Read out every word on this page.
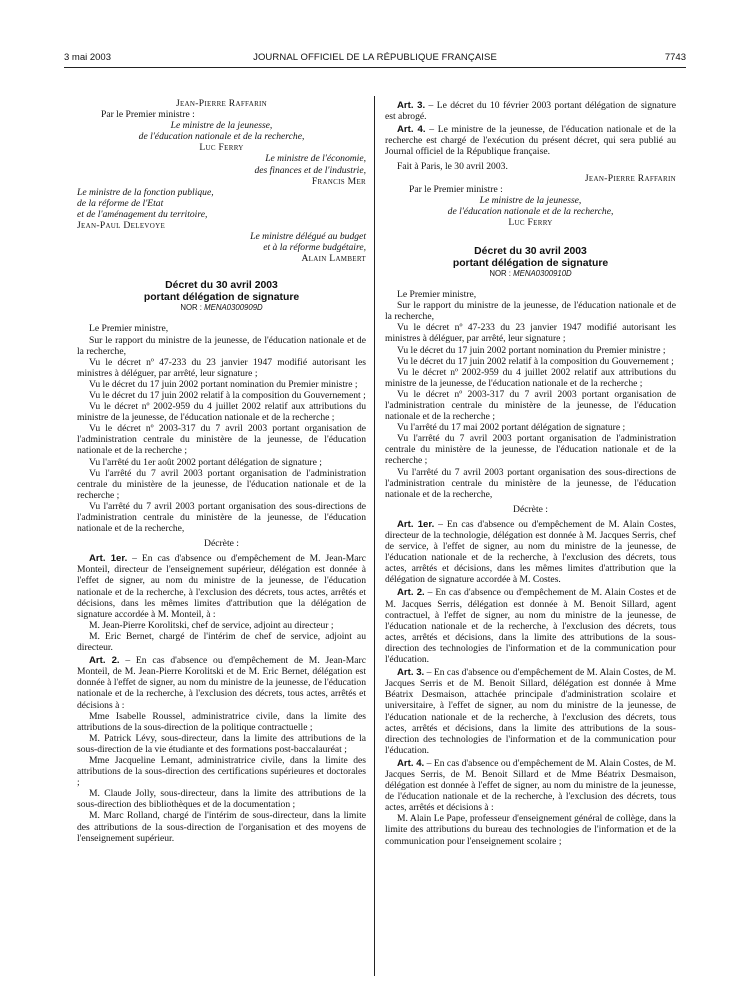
3 mai 2003	JOURNAL OFFICIEL DE LA RÉPUBLIQUE FRANÇAISE	7743
Jean-Pierre Raffarin
Par le Premier ministre :
Le ministre de la jeunesse,
de l'éducation nationale et de la recherche,
Luc Ferry
Le ministre de l'économie,
des finances et de l'industrie,
Francis Mer
Le ministre de la fonction publique,
de la réforme de l'Etat
et de l'aménagement du territoire,
Jean-Paul Delevoye
Le ministre délégué au budget
et à la réforme budgétaire,
Alain Lambert
Décret du 30 avril 2003
portant délégation de signature
NOR : MENA0300909D

Le Premier ministre,

Sur le rapport du ministre de la jeunesse, de l'éducation nationale et de la recherche,

Vu le décret nº 47-233 du 23 janvier 1947 modifié autorisant les ministres à déléguer, par arrêté, leur signature ;

Vu le décret du 17 juin 2002 portant nomination du Premier ministre ;

Vu le décret du 17 juin 2002 relatif à la composition du Gouvernement ;

Vu le décret nº 2002-959 du 4 juillet 2002 relatif aux attributions du ministre de la jeunesse, de l'éducation nationale et de la recherche ;

Vu le décret nº 2003-317 du 7 avril 2003 portant organisation de l'administration centrale du ministère de la jeunesse, de l'éducation nationale et de la recherche ;

Vu l'arrêté du 1er août 2002 portant délégation de signature ;

Vu l'arrêté du 7 avril 2003 portant organisation de l'administration centrale du ministère de la jeunesse, de l'éducation nationale et de la recherche ;

Vu l'arrêté du 7 avril 2003 portant organisation des sous-directions de l'administration centrale du ministère de la jeunesse, de l'éducation nationale et de la recherche,

Décrète :

Art. 1er. – En cas d'absence ou d'empêchement de M. Jean-Marc Monteil, directeur de l'enseignement supérieur, délégation est donnée à l'effet de signer, au nom du ministre de la jeunesse, de l'éducation nationale et de la recherche, à l'exclusion des décrets, tous actes, arrêtés et décisions, dans les mêmes limites d'attribution que la délégation de signature accordée à M. Monteil, à :

M. Jean-Pierre Korolitski, chef de service, adjoint au directeur ;

M. Eric Bernet, chargé de l'intérim de chef de service, adjoint au directeur.

Art. 2. – En cas d'absence ou d'empêchement de M. Jean-Marc Monteil, de M. Jean-Pierre Korolitski et de M. Eric Bernet, délégation est donnée à l'effet de signer, au nom du ministre de la jeunesse, de l'éducation nationale et de la recherche, à l'exclusion des décrets, tous actes, arrêtés et décisions à :

Mme Isabelle Roussel, administratrice civile, dans la limite des attributions de la sous-direction de la politique contractuelle ;

M. Patrick Lévy, sous-directeur, dans la limite des attributions de la sous-direction de la vie étudiante et des formations post-baccalauréat ;

Mme Jacqueline Lemant, administratrice civile, dans la limite des attributions de la sous-direction des certifications supérieures et doctorales ;

M. Claude Jolly, sous-directeur, dans la limite des attributions de la sous-direction des bibliothèques et de la documentation ;

M. Marc Rolland, chargé de l'intérim de sous-directeur, dans la limite des attributions de la sous-direction de l'organisation et des moyens de l'enseignement supérieur.

Art. 3. – Le décret du 10 février 2003 portant délégation de signature est abrogé.

Art. 4. – Le ministre de la jeunesse, de l'éducation nationale et de la recherche est chargé de l'exécution du présent décret, qui sera publié au Journal officiel de la République française.

Fait à Paris, le 30 avril 2003.

Jean-Pierre Raffarin
Par le Premier ministre :
Le ministre de la jeunesse,
de l'éducation nationale et de la recherche,
Luc Ferry
Décret du 30 avril 2003
portant délégation de signature
NOR : MENA0300910D

Le Premier ministre,

Sur le rapport du ministre de la jeunesse, de l'éducation nationale et de la recherche,

Vu le décret nº 47-233 du 23 janvier 1947 modifié autorisant les ministres à déléguer, par arrêté, leur signature ;

Vu le décret du 17 juin 2002 portant nomination du Premier ministre ;

Vu le décret du 17 juin 2002 relatif à la composition du Gouvernement ;

Vu le décret nº 2002-959 du 4 juillet 2002 relatif aux attributions du ministre de la jeunesse, de l'éducation nationale et de la recherche ;

Vu le décret nº 2003-317 du 7 avril 2003 portant organisation de l'administration centrale du ministère de la jeunesse, de l'éducation nationale et de la recherche ;

Vu l'arrêté du 17 mai 2002 portant délégation de signature ;

Vu l'arrêté du 7 avril 2003 portant organisation de l'administration centrale du ministère de la jeunesse, de l'éducation nationale et de la recherche ;

Vu l'arrêté du 7 avril 2003 portant organisation des sous-directions de l'administration centrale du ministère de la jeunesse, de l'éducation nationale et de la recherche,

Décrète :

Art. 1er. – En cas d'absence ou d'empêchement de M. Alain Costes, directeur de la technologie, délégation est donnée à M. Jacques Serris, chef de service, à l'effet de signer, au nom du ministre de la jeunesse, de l'éducation nationale et de la recherche, à l'exclusion des décrets, tous actes, arrêtés et décisions, dans les mêmes limites d'attribution que la délégation de signature accordée à M. Costes.

Art. 2. – En cas d'absence ou d'empêchement de M. Alain Costes et de M. Jacques Serris, délégation est donnée à M. Benoit Sillard, agent contractuel, à l'effet de signer, au nom du ministre de la jeunesse, de l'éducation nationale et de la recherche, à l'exclusion des décrets, tous actes, arrêtés et décisions, dans la limite des attributions de la sous-direction des technologies de l'information et de la communication pour l'éducation.

Art. 3. – En cas d'absence ou d'empêchement de M. Alain Costes, de M. Jacques Serris et de M. Benoit Sillard, délégation est donnée à Mme Béatrix Desmaison, attachée principale d'administration scolaire et universitaire, à l'effet de signer, au nom du ministre de la jeunesse, de l'éducation nationale et de la recherche, à l'exclusion des décrets, tous actes, arrêtés et décisions, dans la limite des attributions de la sous-direction des technologies de l'information et de la communication pour l'éducation.

Art. 4. – En cas d'absence ou d'empêchement de M. Alain Costes, de M. Jacques Serris, de M. Benoit Sillard et de Mme Béatrix Desmaison, délégation est donnée à l'effet de signer, au nom du ministre de la jeunesse, de l'éducation nationale et de la recherche, à l'exclusion des décrets, tous actes, arrêtés et décisions à :

M. Alain Le Pape, professeur d'enseignement général de collège, dans la limite des attributions du bureau des technologies de l'information et de la communication pour l'enseignement scolaire ;
